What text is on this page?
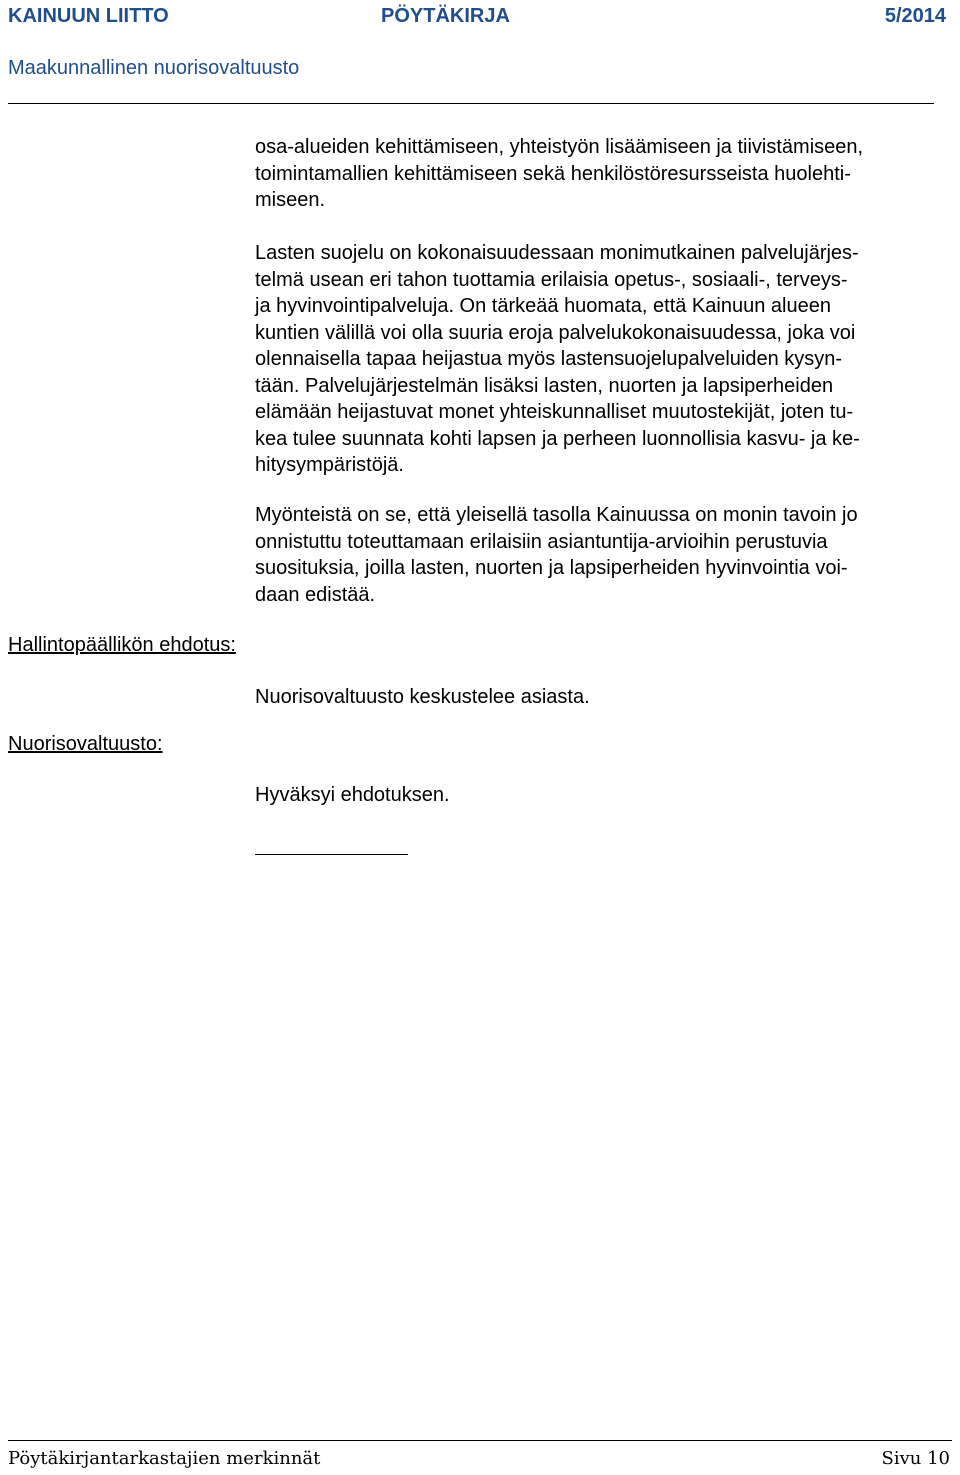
KAINUUN LIITTO	PÖYTÄKIRJA	5/2014
Maakunnallinen nuorisovaltuusto

osa-alueiden kehittämiseen, yhteistyön lisäämiseen ja tiivistämiseen,
toimintamallien kehittämiseen sekä henkilöstöresursseista huolehti-
miseen.

Lasten suojelu on kokonaisuudessaan monimutkainen palvelujärjes-
telmä usean eri tahon tuottamia erilaisia opetus-, sosiaali-, terveys-
ja hyvinvointipalveluja. On tärkeää huomata, että Kainuun alueen
kuntien välillä voi olla suuria eroja palvelukokonaisuudessa, joka voi
olennaisella tapaa heijastua myös lastensuojelupalveluiden kysyn-
tään. Palvelujärjestelmän lisäksi lasten, nuorten ja lapsiperheiden
elämään heijastuvat monet yhteiskunnalliset muutostekijät, joten tu-
kea tulee suunnata kohti lapsen ja perheen luonnollisia kasvu- ja ke-
hitysympäristöjä.

Myönteistä on se, että yleisellä tasolla Kainuussa on monin tavoin jo
onnistuttu toteuttamaan erilaisiin asiantuntija-arvioihin perustuvia
suosituksia, joilla lasten, nuorten ja lapsiperheiden hyvinvointia voi-
daan edistää.

Hallintopäällikön ehdotus:

Nuorisovaltuusto keskustelee asiasta.

Nuorisovaltuusto:

Hyväksyi ehdotuksen.

Pöytäkirjantarkastajien merkinnät	Sivu 10
